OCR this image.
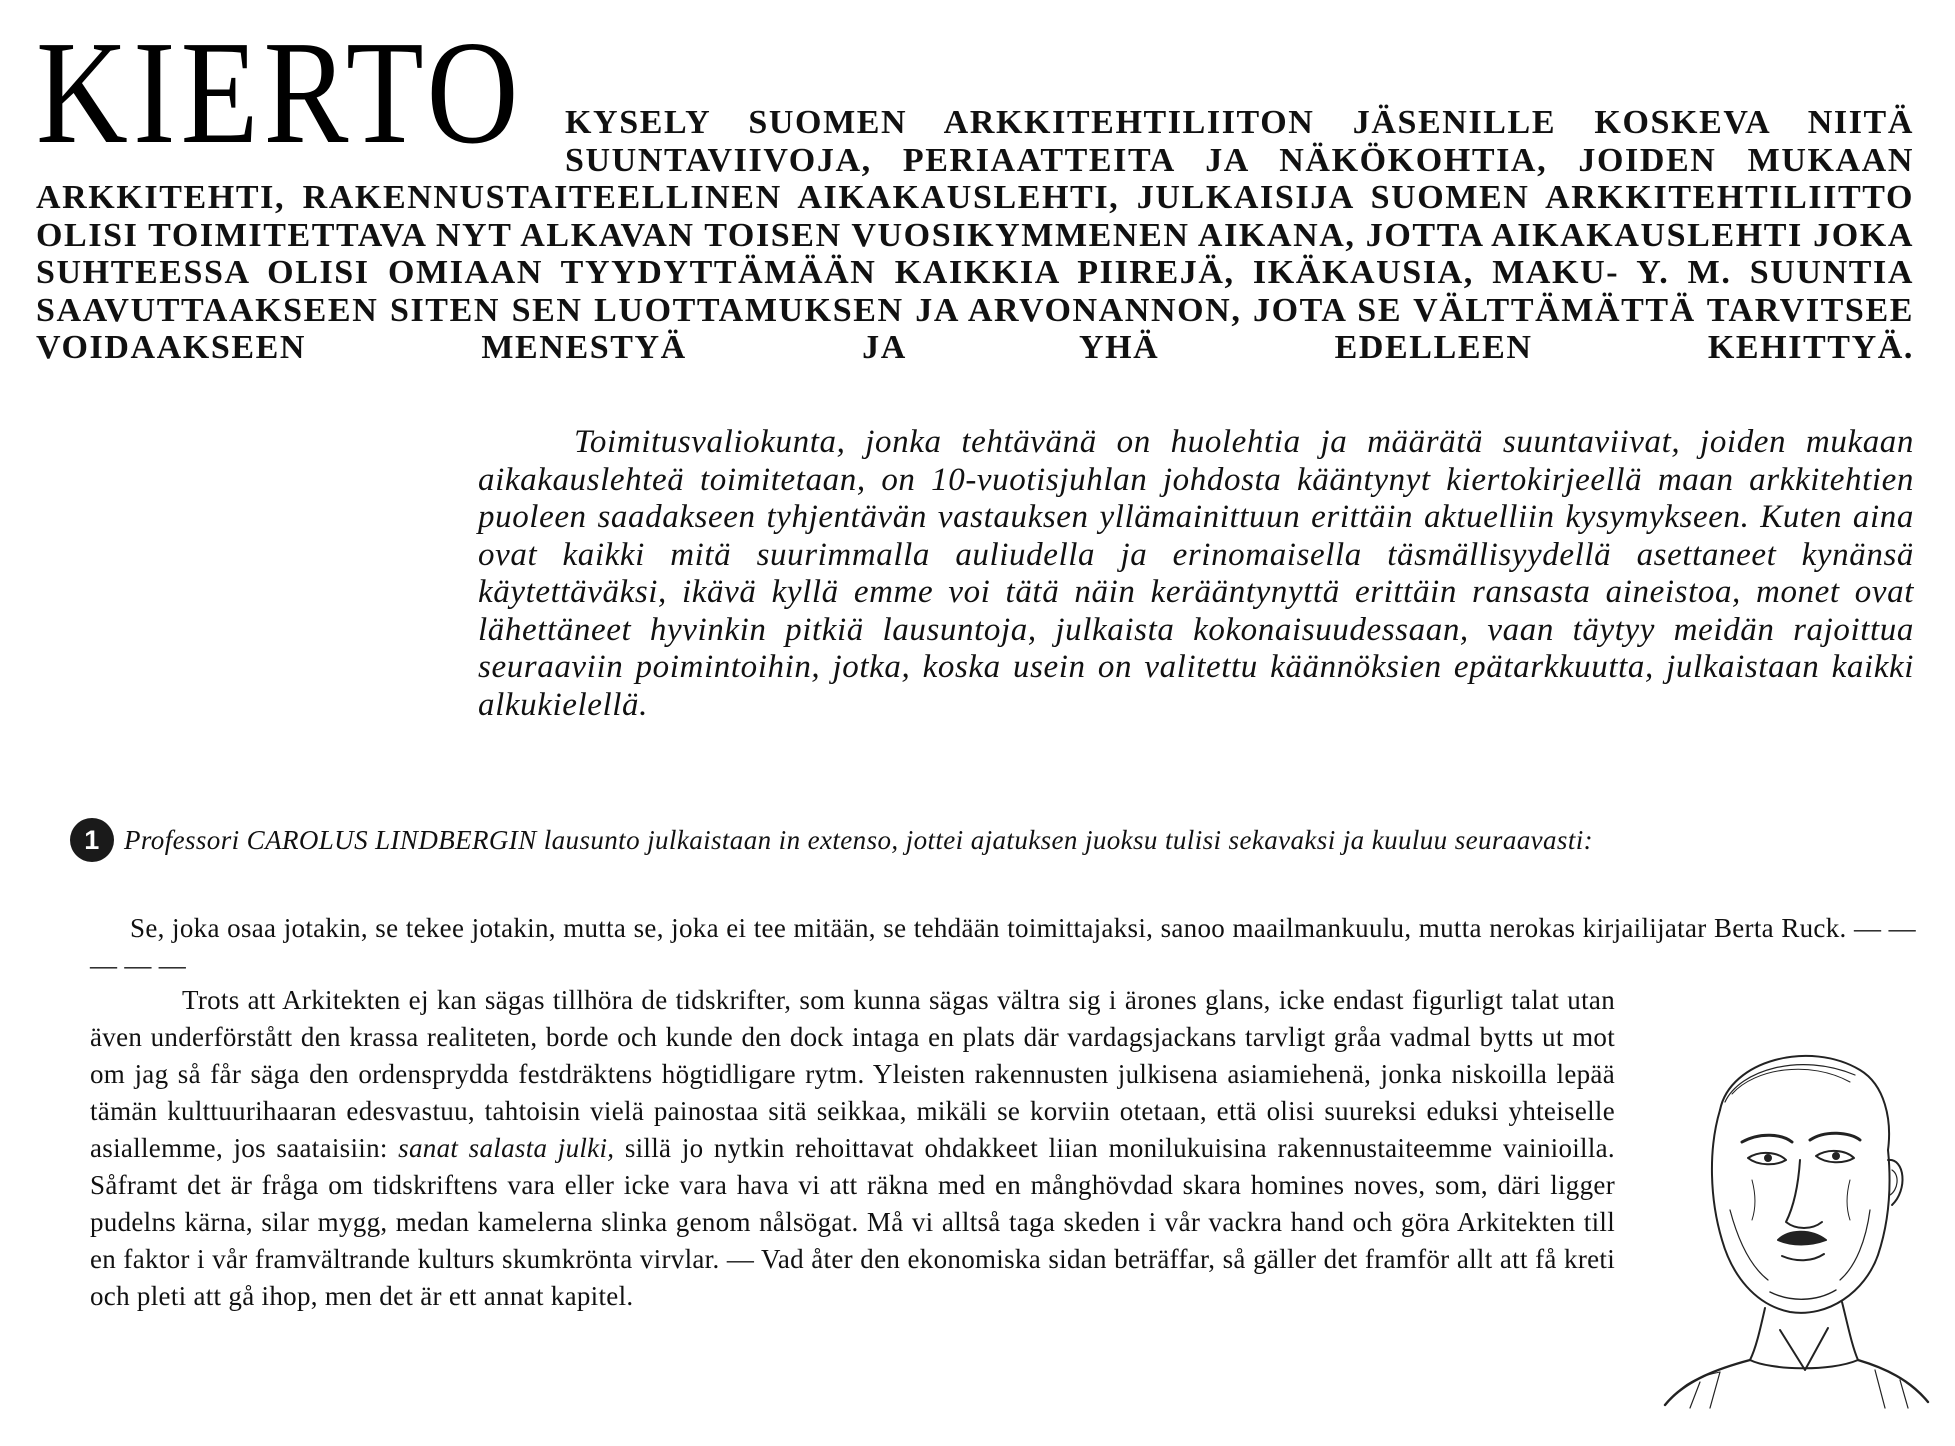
KIERTO	KYSELY SUOMEN ARKKITEHTILIITON JÄSENILLE KOSKEVA NIITÄ SUUNTAVIIVOJA, PERIAATTEITA JA NÄKÖKOHTIA, JOIDEN MUKAAN ARKKITEHTI, RAKENNUSTAITEELLINEN AIKAKAUSLEHTI, JULKAISIJA SUOMEN ARKKITEHTILIITTO OLISI TOIMITETTAVA NYT ALKAVAN TOISEN VUOSIKYMMENEN AIKANA, JOTTA AIKAKAUSLEHTI JOKA SUHTEESSA OLISI OMIAAN TYYDYTTÄMÄÄN KAIKKIA PIIREJÄ, IKÄKAUSIA, MAKU- Y. M. SUUNTIA SAAVUTTAAKSEEN SITEN SEN LUOTTAMUKSEN JA ARVONANNON, JOTA SE VÄLTTÄMÄTTÄ TARVITSEE VOIDAAKSEEN MENESTYÄ JA YHÄ EDELLEEN KEHITTYÄ.
Toimitusvaliokunta, jonka tehtävänä on huolehtia ja määrätä suuntaviivat, joiden mukaan aikakauslehteä toimitetaan, on 10-vuotisjuhlan johdosta kääntynyt kiertokirjeellä maan arkkitehtien puoleen saadakseen tyhjentävän vastauksen yllämainittuun erittäin aktuelliin kysymykseen. Kuten aina ovat kaikki mitä suurimmalla auliudella ja erinomaisella täsmällisyydellä asettaneet kynänsä käytettäväksi, ikävä kyllä emme voi tätä näin kerääntynyttä erittäin ransasta aineistoa, monet ovat lähettäneet hyvinkin pitkiä lausuntoja, julkaista kokonaisuudessaan, vaan täytyy meidän rajoittua seuraaviin poimintoihin, jotka, koska usein on valitettu käännöksien epätarkkuutta, julkaistaan kaikki alkukielellä.
1 Professori CAROLUS LINDBERGIN lausunto julkaistaan in extenso, jottei ajatuksen juoksu tulisi sekavaksi ja kuuluu seuraavasti:
Se, joka osaa jotakin, se tekee jotakin, mutta se, joka ei tee mitään, se tehdään toimittajaksi, sanoo maailmankuulu, mutta nerokas kirjailijatar Berta Ruck. — — — — —
Trots att Arkitekten ej kan sägas tillhöra de tidskrifter, som kunna sägas vältra sig i ärones glans, icke endast figurligt talat utan även underförstått den krassa realiteten, borde och kunde den dock intaga en plats där vardagsjackans tarvligt gråa vadmal bytts ut mot om jag så får säga den ordensprydda festdräktens högtidligare rytm. Yleisten rakennusten julkisena asiamiehenä, jonka niskoilla lepää tämän kulttuurihaaran edesvastuu, tahtoisin vielä painostaa sitä seikkaa, mikäli se korviin otetaan, että olisi suureksi eduksi yhteiselle asiallemme, jos saataisiin: sanat salasta julki, sillä jo nytkin rehoittavat ohdakkeet liian monilukuisina rakennustaiteemme vainioilla. Såframt det är fråga om tidskriftens vara eller icke vara hava vi att räkna med en månghövdad skara homines noves, som, däri ligger pudelns kärna, silar mygg, medan kamelerna slinka genom nålsögat. Må vi alltså taga skeden i vår vackra hand och göra Arkitekten till en faktor i vår framvältrande kulturs skumkrönta virvlar. — Vad åter den ekonomiska sidan beträffar, så gäller det framför allt att få kreti och pleti att gå ihop, men det är ett annat kapitel.
